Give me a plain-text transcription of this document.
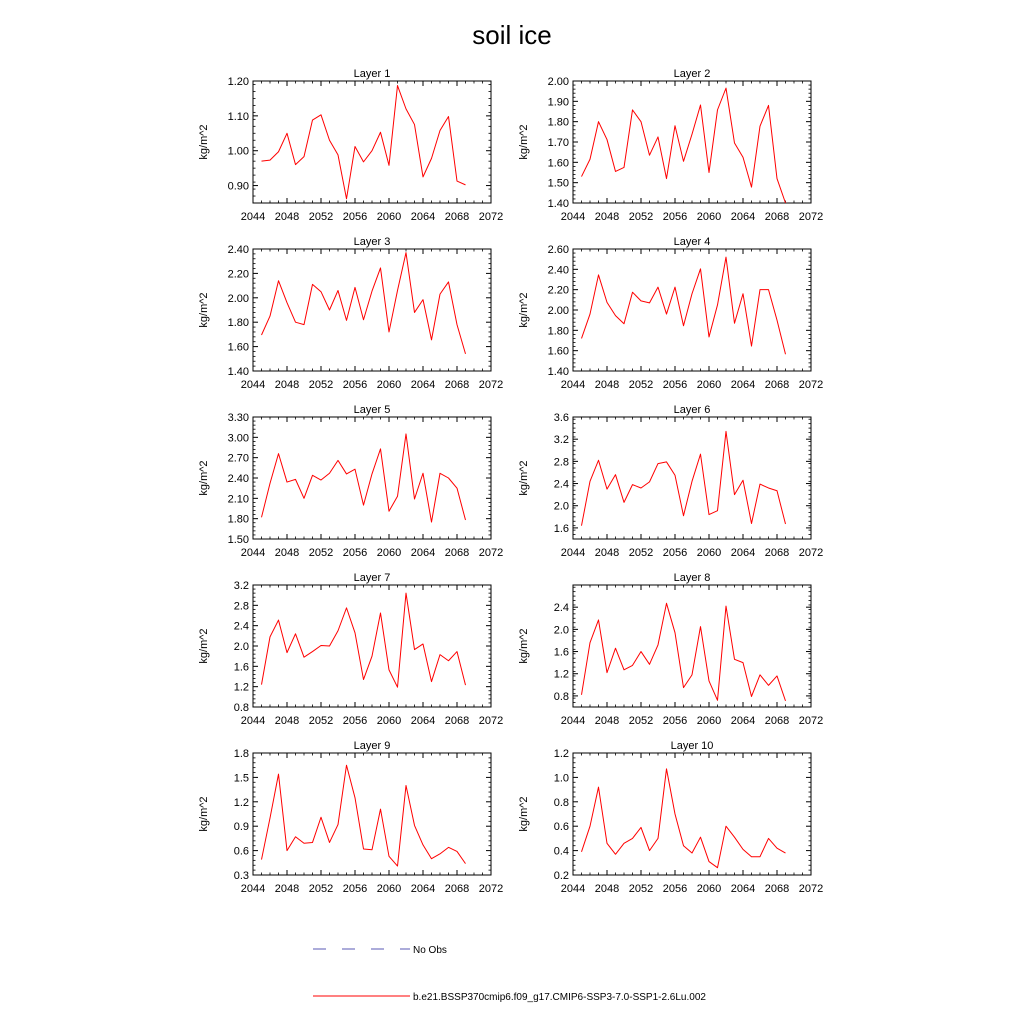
soil ice
Layer 1
kg/m^2
2044 2048 2052 2056 2060 2064 2068 2072
0.90
1.00
1.10
1.20
Layer 2
kg/m^2
2044 2048 2052 2056 2060 2064 2068 2072
1.40
1.50
1.60
1.70
1.80
1.90
2.00
Layer 3
kg/m^2
2044 2048 2052 2056 2060 2064 2068 2072
1.40
1.60
1.80
2.00
2.20
2.40
Layer 4
kg/m^2
2044 2048 2052 2056 2060 2064 2068 2072
1.40
1.60
1.80
2.00
2.20
2.40
2.60
Layer 5
kg/m^2
2044 2048 2052 2056 2060 2064 2068 2072
1.50
1.80
2.10
2.40
2.70
3.00
3.30
Layer 6
kg/m^2
2044 2048 2052 2056 2060 2064 2068 2072
1.6
2.0
2.4
2.8
3.2
3.6
Layer 7
kg/m^2
2044 2048 2052 2056 2060 2064 2068 2072
0.8
1.2
1.6
2.0
2.4
2.8
3.2
Layer 8
kg/m^2
2044 2048 2052 2056 2060 2064 2068 2072
0.8
1.2
1.6
2.0
2.4
Layer 9
kg/m^2
2044 2048 2052 2056 2060 2064 2068 2072
0.3
0.6
0.9
1.2
1.5
1.8
Layer 10
kg/m^2
2044 2048 2052 2056 2060 2064 2068 2072
0.2
0.4
0.6
0.8
1.0
1.2
No Obs
b.e21.BSSP370cmip6.f09_g17.CMIP6-SSP3-7.0-SSP1-2.6Lu.002
